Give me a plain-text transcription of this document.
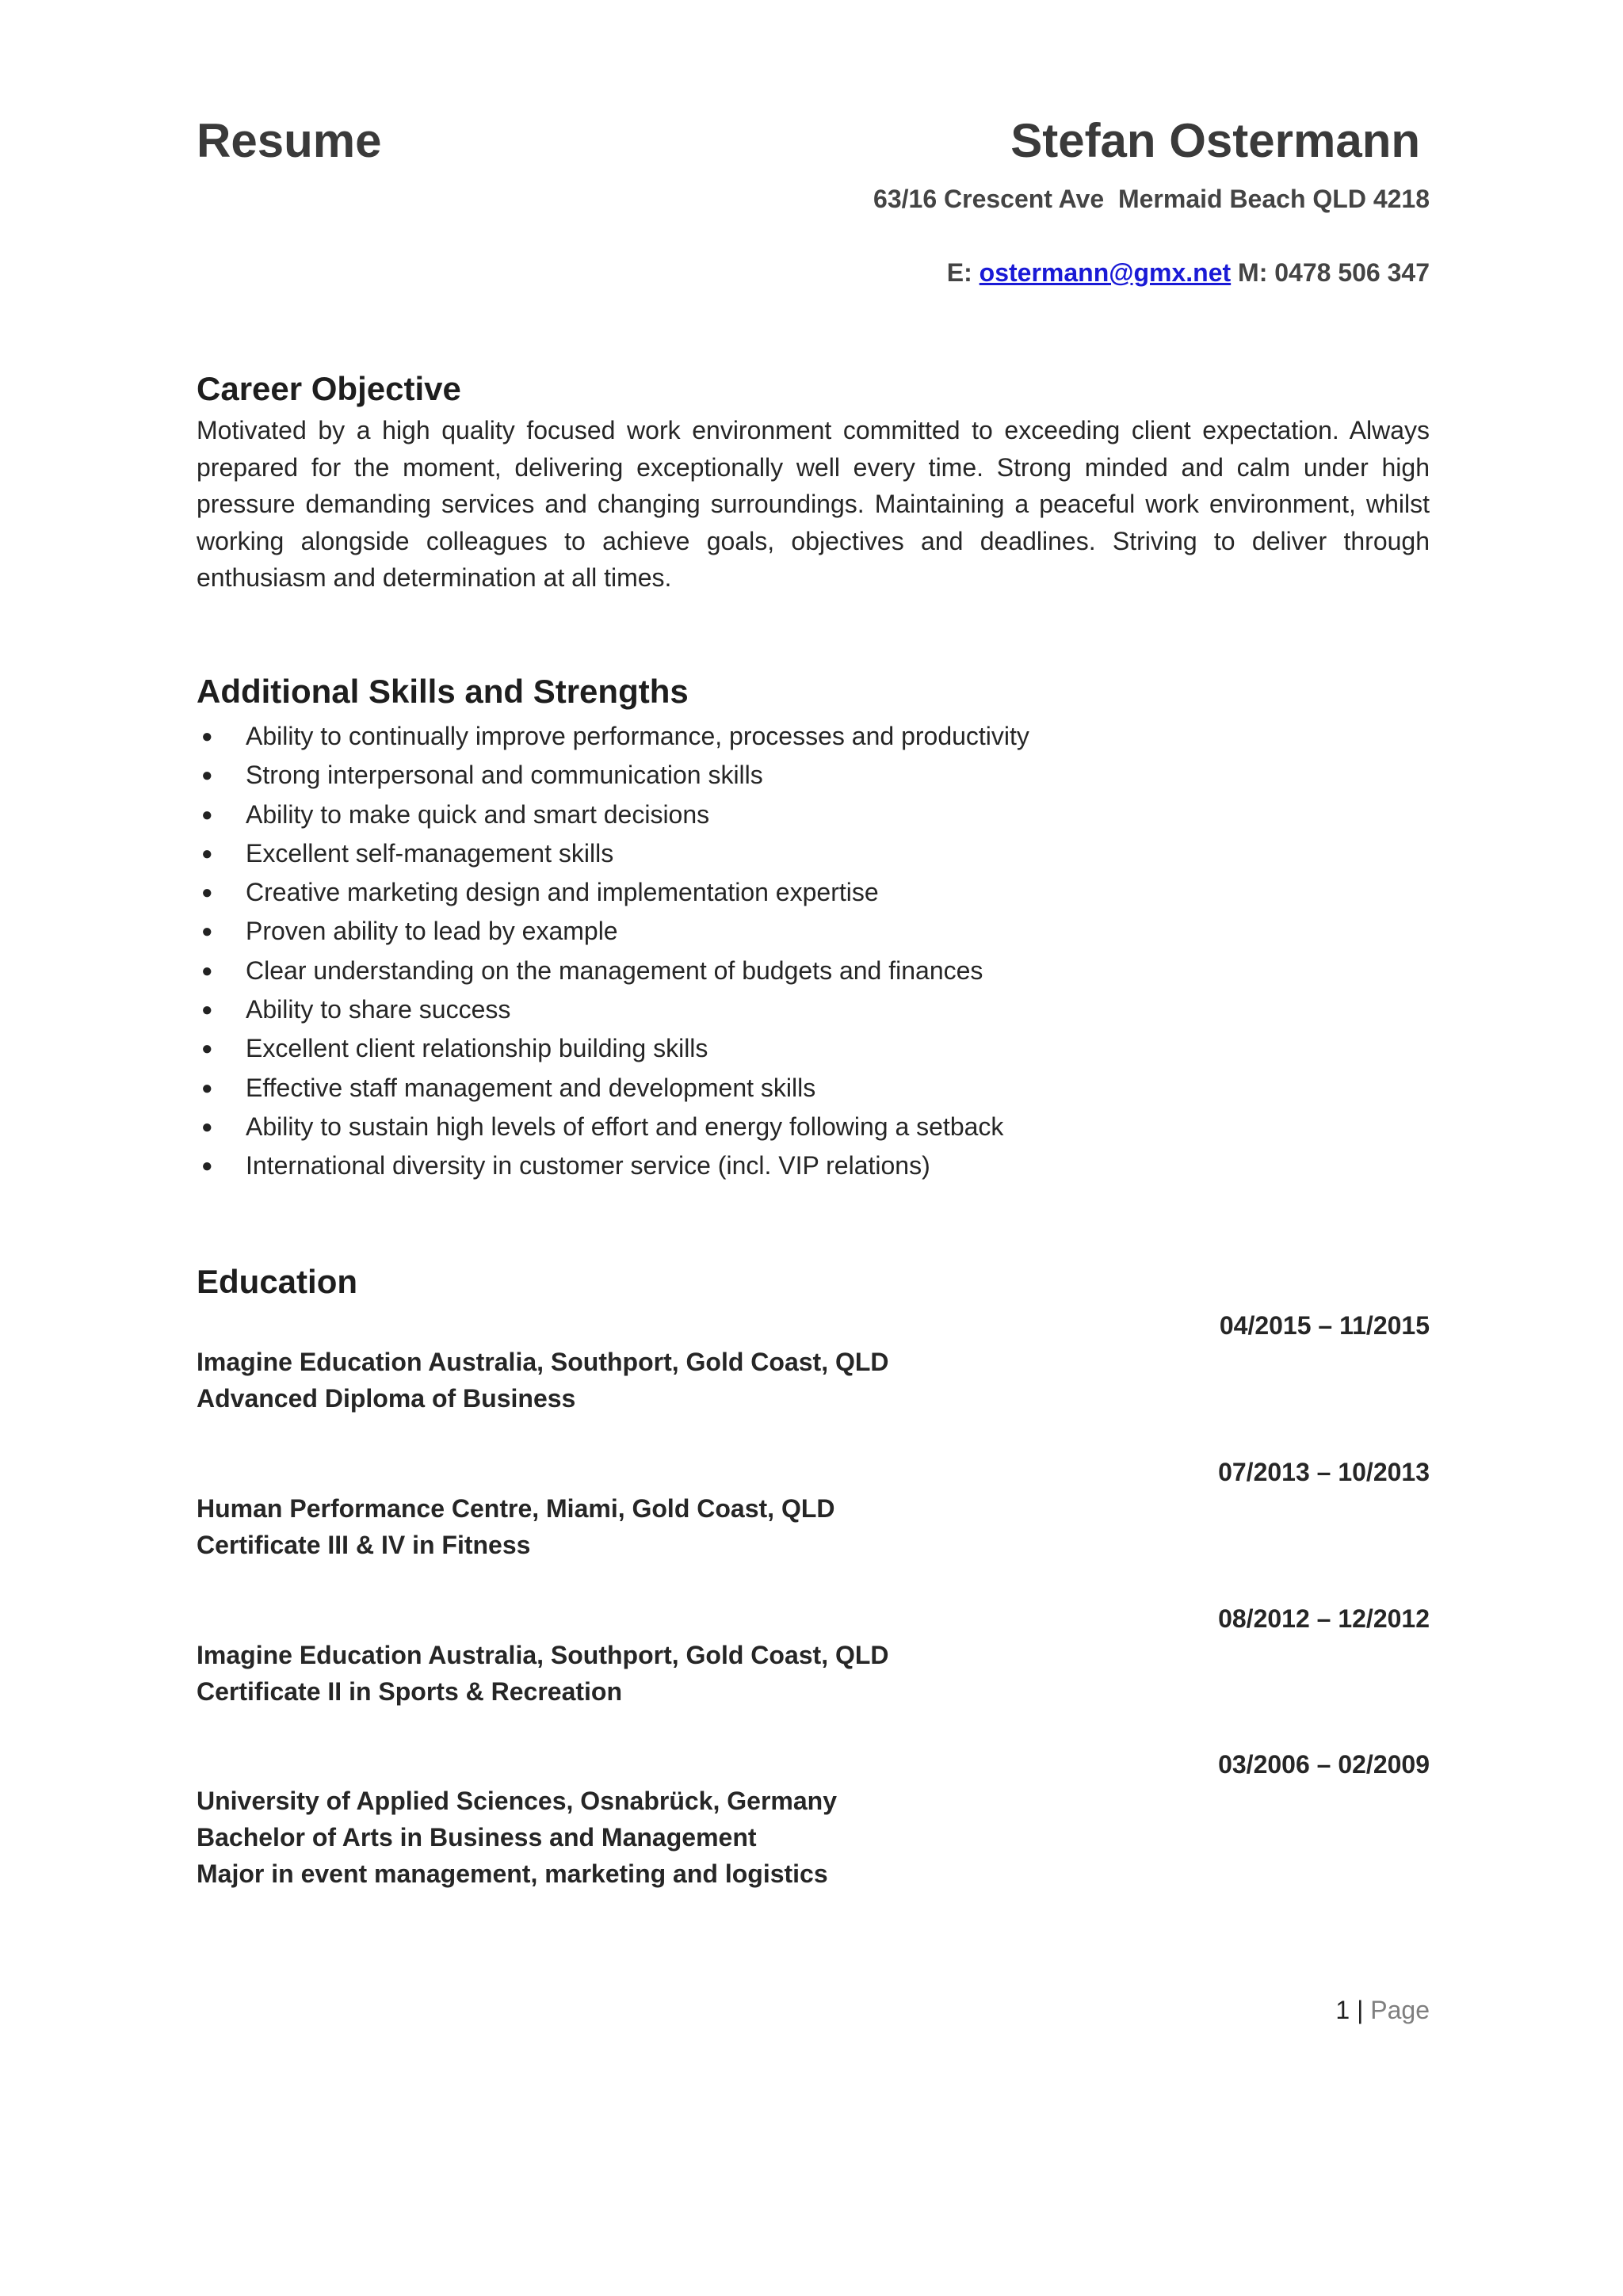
Resume	Stefan Ostermann
63/16 Crescent Ave  Mermaid Beach QLD 4218
E: ostermann@gmx.net M: 0478 506 347
Career Objective
Motivated by a high quality focused work environment committed to exceeding client expectation. Always prepared for the moment, delivering exceptionally well every time. Strong minded and calm under high pressure demanding services and changing surroundings. Maintaining a peaceful work environment, whilst working alongside colleagues to achieve goals, objectives and deadlines. Striving to deliver through enthusiasm and determination at all times.
Additional Skills and Strengths
● Ability to continually improve performance, processes and productivity
● Strong interpersonal and communication skills
● Ability to make quick and smart decisions
● Excellent self-management skills
● Creative marketing design and implementation expertise
● Proven ability to lead by example
● Clear understanding on the management of budgets and finances
● Ability to share success
● Excellent client relationship building skills
● Effective staff management and development skills
● Ability to sustain high levels of effort and energy following a setback
● International diversity in customer service (incl. VIP relations)
Education
04/2015 – 11/2015
Imagine Education Australia, Southport, Gold Coast, QLD
Advanced Diploma of Business
07/2013 – 10/2013
Human Performance Centre, Miami, Gold Coast, QLD
Certificate III & IV in Fitness
08/2012 – 12/2012
Imagine Education Australia, Southport, Gold Coast, QLD
Certificate II in Sports & Recreation
03/2006 – 02/2009
University of Applied Sciences, Osnabrück, Germany
Bachelor of Arts in Business and Management
Major in event management, marketing and logistics
1 | Page
